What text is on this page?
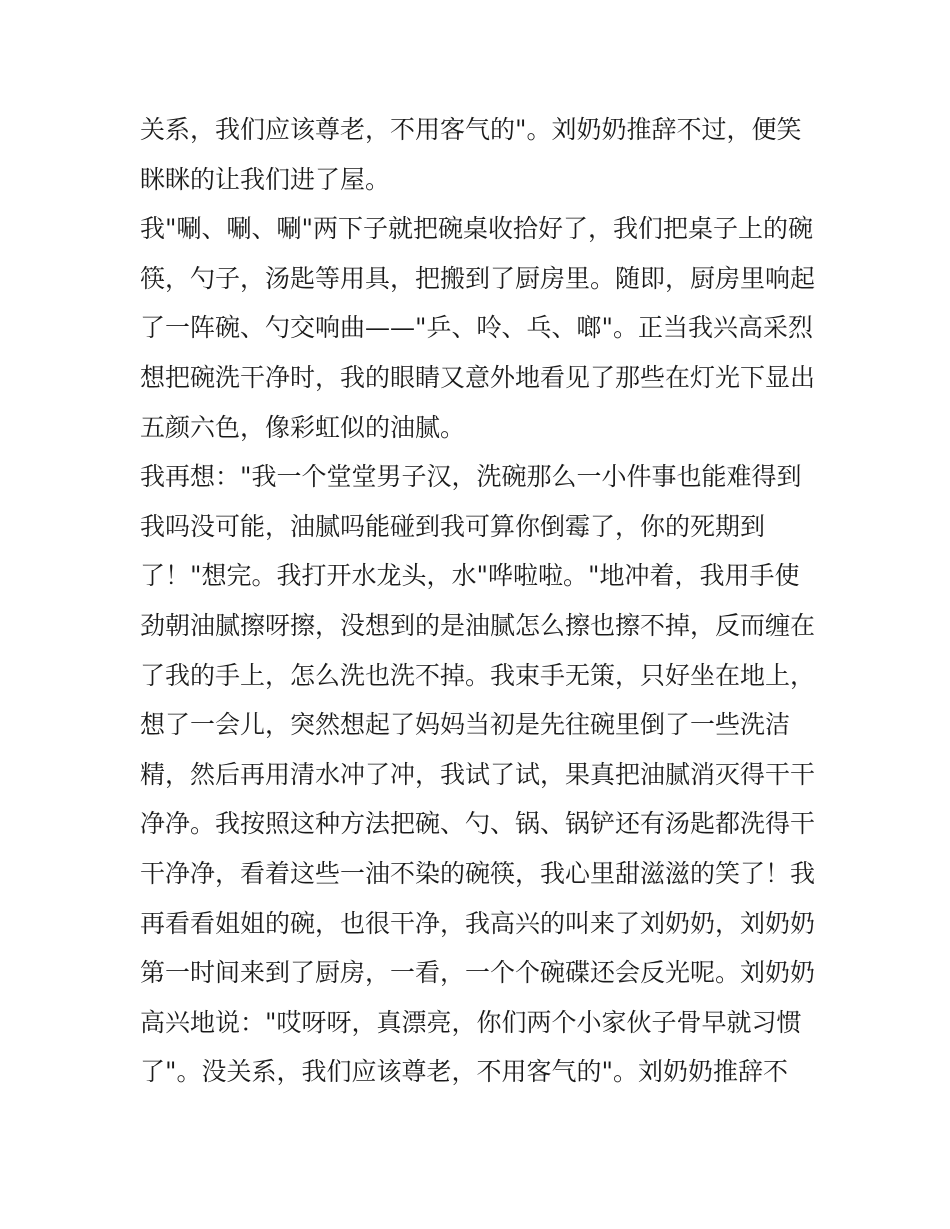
关系，我们应该尊老，不用客气的"。刘奶奶推辞不过，便笑
眯眯的让我们进了屋。
我"唰、唰、唰"两下子就把碗桌收拾好了，我们把桌子上的碗
筷，勺子，汤匙等用具，把搬到了厨房里。随即，厨房里响起
了一阵碗、勺交响曲——"乒、呤、乓、啷"。正当我兴高采烈
想把碗洗干净时，我的眼睛又意外地看见了那些在灯光下显出
五颜六色，像彩虹似的油腻。
我再想："我一个堂堂男子汉，洗碗那么一小件事也能难得到
我吗没可能，油腻吗能碰到我可算你倒霉了，你的死期到
了！"想完。我打开水龙头，水"哗啦啦。"地冲着，我用手使
劲朝油腻擦呀擦，没想到的是油腻怎么擦也擦不掉，反而缠在
了我的手上，怎么洗也洗不掉。我束手无策，只好坐在地上，
想了一会儿，突然想起了妈妈当初是先往碗里倒了一些洗洁
精，然后再用清水冲了冲，我试了试，果真把油腻消灭得干干
净净。我按照这种方法把碗、勺、锅、锅铲还有汤匙都洗得干
干净净，看着这些一油不染的碗筷，我心里甜滋滋的笑了！我
再看看姐姐的碗，也很干净，我高兴的叫来了刘奶奶，刘奶奶
第一时间来到了厨房，一看，一个个碗碟还会反光呢。刘奶奶
高兴地说："哎呀呀，真漂亮，你们两个小家伙子骨早就习惯
了"。没关系，我们应该尊老，不用客气的"。刘奶奶推辞不
